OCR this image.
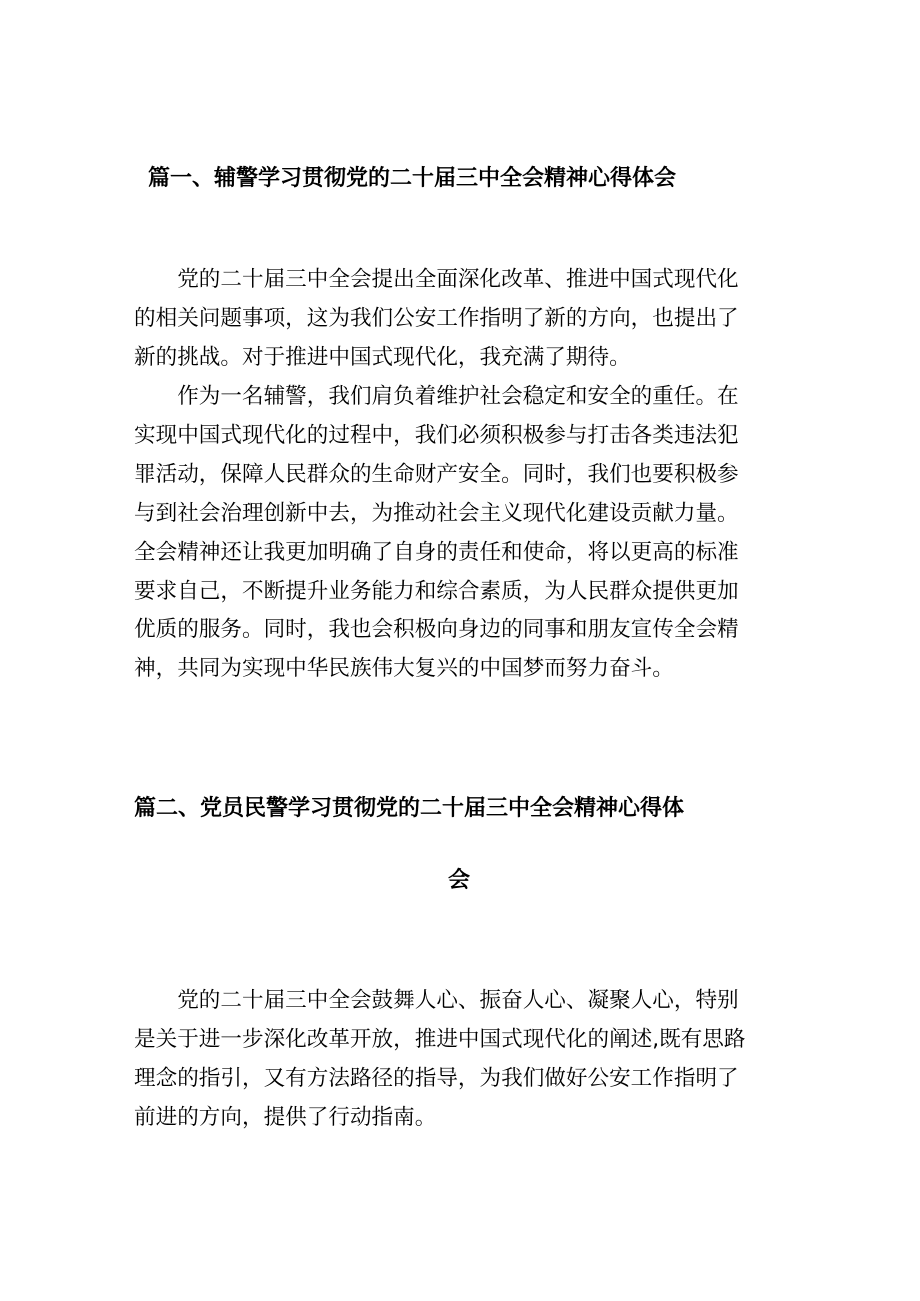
篇一、辅警学习贯彻党的二十届三中全会精神心得体会

　　党的二十届三中全会提出全面深化改革、推进中国式现代化
的相关问题事项，这为我们公安工作指明了新的方向，也提出了
新的挑战。对于推进中国式现代化，我充满了期待。

　　作为一名辅警，我们肩负着维护社会稳定和安全的重任。在
实现中国式现代化的过程中，我们必须积极参与打击各类违法犯
罪活动，保障人民群众的生命财产安全。同时，我们也要积极参
与到社会治理创新中去，为推动社会主义现代化建设贡献力量。
全会精神还让我更加明确了自身的责任和使命，将以更高的标准
要求自己，不断提升业务能力和综合素质，为人民群众提供更加
优质的服务。同时，我也会积极向身边的同事和朋友宣传全会精
神，共同为实现中华民族伟大复兴的中国梦而努力奋斗。

篇二、党员民警学习贯彻党的二十届三中全会精神心得体
会

　　党的二十届三中全会鼓舞人心、振奋人心、凝聚人心，特别
是关于进一步深化改革开放，推进中国式现代化的阐述,既有思路
理念的指引，又有方法路径的指导，为我们做好公安工作指明了
前进的方向，提供了行动指南。
